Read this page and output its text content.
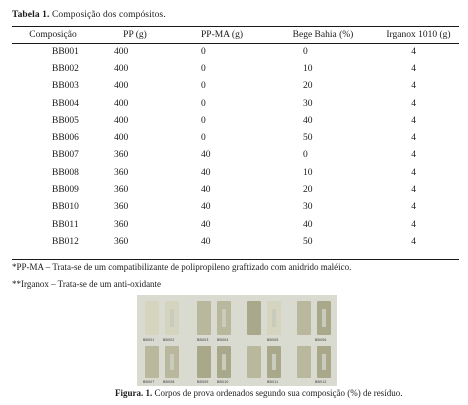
Tabela 1. Composição dos compósitos.
Composição	PP (g)	PP-MA (g)	Bege Bahia (%)	Irganox 1010 (g)
BB001	400	0	0	4
BB002	400	0	10	4
BB003	400	0	20	4
BB004	400	0	30	4
BB005	400	0	40	4
BB006	400	0	50	4
BB007	360	40	0	4
BB008	360	40	10	4
BB009	360	40	20	4
BB010	360	40	30	4
BB011	360	40	40	4
BB012	360	40	50	4
*PP-MA – Trata-se de um compatibilizante de polipropileno graftizado com anidrido maléico.
**Irganox – Trata-se de um anti-oxidante
BB001 BB002	BB003 BB004	BB005	BB006
BB007 BB008	BB009 BB010	BB011	BB012
Figura. 1. Corpos de prova ordenados segundo sua composição (%) de resíduo.
